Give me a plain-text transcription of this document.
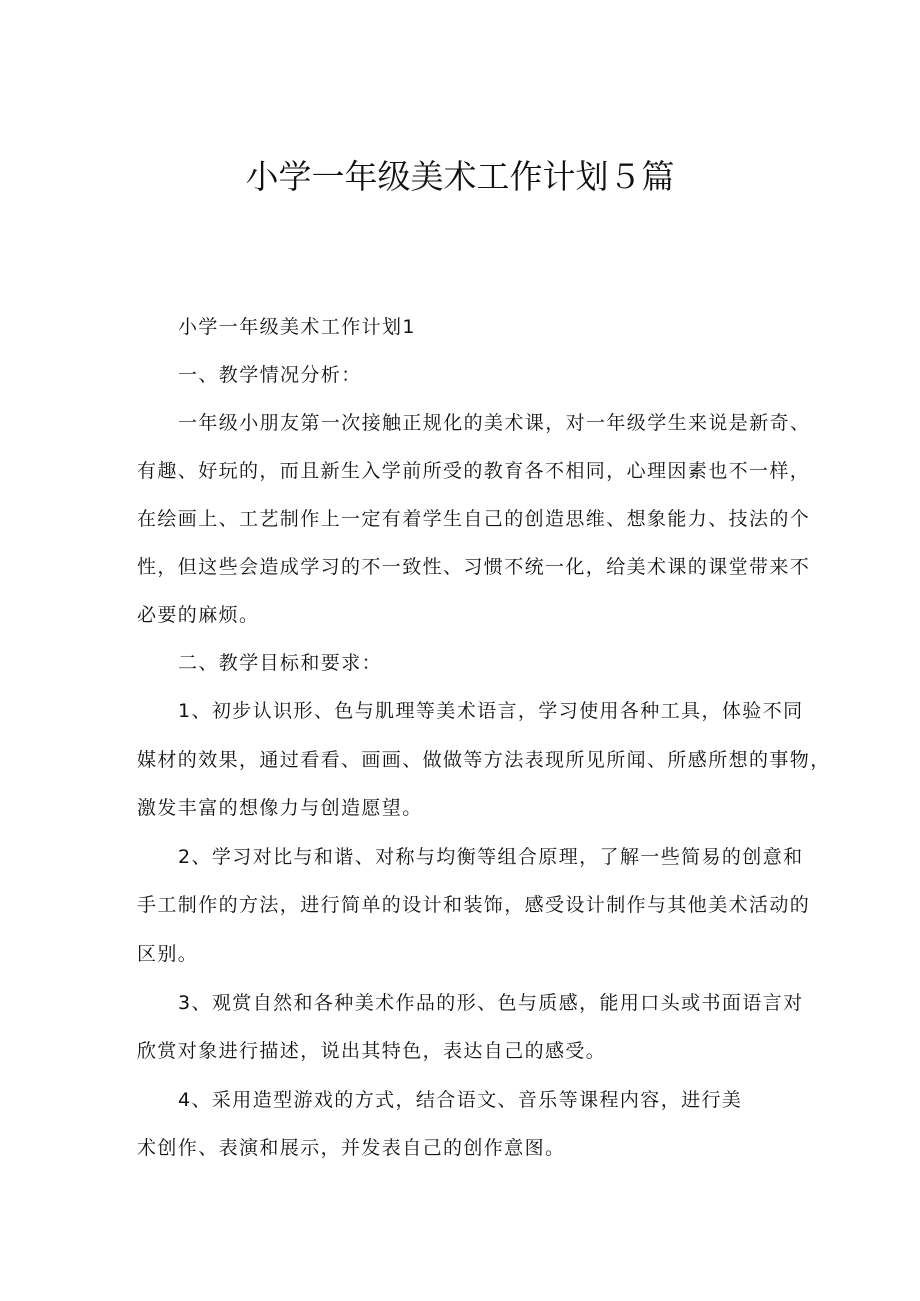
小学一年级美术工作计划５篇

小学一年级美术工作计划1

一、教学情况分析：

一年级小朋友第一次接触正规化的美术课，对一年级学生来说是新奇、

有趣、好玩的，而且新生入学前所受的教育各不相同，心理因素也不一样，

在绘画上、工艺制作上一定有着学生自己的创造思维、想象能力、技法的个

性，但这些会造成学习的不一致性、习惯不统一化，给美术课的课堂带来不

必要的麻烦。

二、教学目标和要求：

1、初步认识形、色与肌理等美术语言，学习使用各种工具，体验不同

媒材的效果，通过看看、画画、做做等方法表现所见所闻、所感所想的事物，

激发丰富的想像力与创造愿望。

2、学习对比与和谐、对称与均衡等组合原理，了解一些简易的创意和

手工制作的方法，进行简单的设计和装饰，感受设计制作与其他美术活动的

区别。

3、观赏自然和各种美术作品的形、色与质感，能用口头或书面语言对

欣赏对象进行描述，说出其特色，表达自己的感受。

4、采用造型游戏的方式，结合语文、音乐等课程内容，进行美

术创作、表演和展示，并发表自己的创作意图。
